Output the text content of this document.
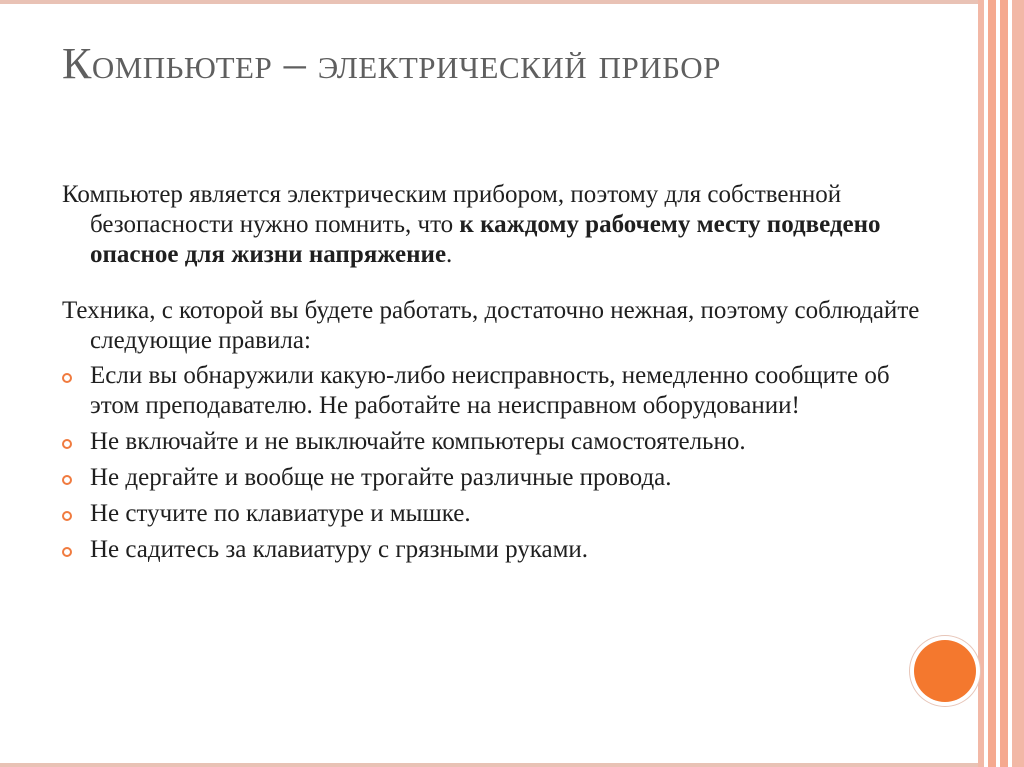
Компьютер – электрический прибор

Компьютер является электрическим прибором, поэтому для собственной безопасности нужно помнить, что к каждому рабочему месту подведено опасное для жизни напряжение.

Техника, с которой вы будете работать, достаточно нежная, поэтому соблюдайте следующие правила:

Если вы обнаружили какую-либо неисправность, немедленно сообщите об этом преподавателю. Не работайте на неисправном оборудовании!
Не включайте и не выключайте компьютеры самостоятельно.
Не дергайте и вообще не трогайте различные провода.
Не стучите по клавиатуре и мышке.
Не садитесь за клавиатуру с грязными руками.
